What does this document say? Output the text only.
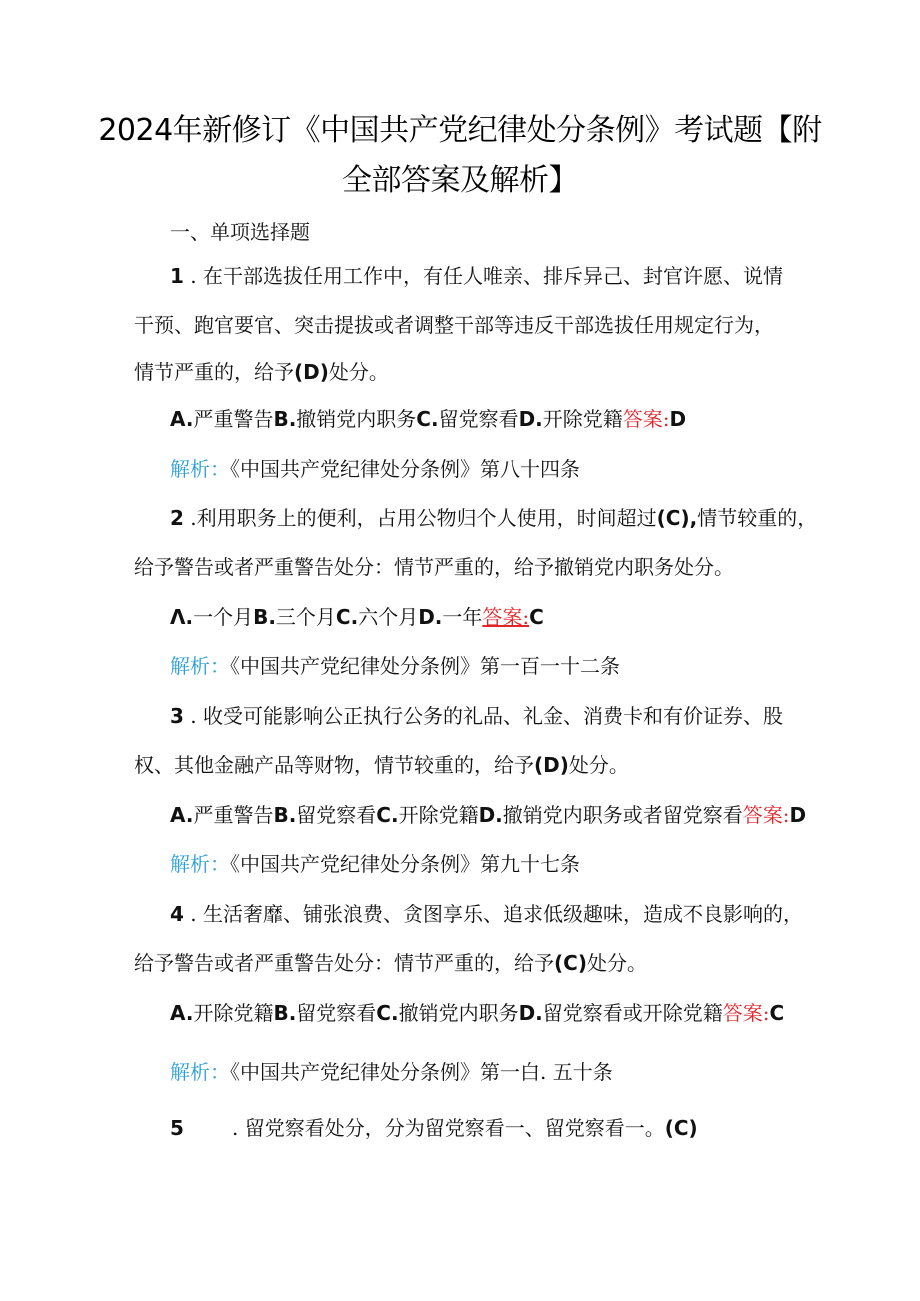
2024年新修订《中国共产党纪律处分条例》考试题【附
全部答案及解析】
一、单项选择题
1 . 在干部选拔任用工作中，有任人唯亲、排斥异己、封官许愿、说情
干预、跑官要官、突击提拔或者调整干部等违反干部选拔任用规定行为，
情节严重的，给予(D)处分。
A.严重警告B.撤销党内职务C.留党察看D.开除党籍答案:D
解析：《中国共产党纪律处分条例》第八十四条
2 .利用职务上的便利，占用公物归个人使用，时间超过(C),情节较重的，
给予警告或者严重警告处分：情节严重的，给予撤销党内职务处分。
Λ.一个月B.三个月C.六个月D.一年答案:C
解析：《中国共产党纪律处分条例》第一百一十二条
3 . 收受可能影响公正执行公务的礼品、礼金、消费卡和有价证券、股
权、其他金融产品等财物，情节较重的，给予(D)处分。
A.严重警告B.留党察看C.开除党籍D.撤销党内职务或者留党察看答案:D
解析：《中国共产党纪律处分条例》第九十七条
4 . 生活奢靡、铺张浪费、贪图享乐、追求低级趣味，造成不良影响的，
给予警告或者严重警告处分：情节严重的，给予(C)处分。
A.开除党籍B.留党察看C.撤销党内职务D.留党察看或开除党籍答案:C
解析：《中国共产党纪律处分条例》第一白. 五十条
5 . 留党察看处分，分为留党察看一、留党察看一。(C)
